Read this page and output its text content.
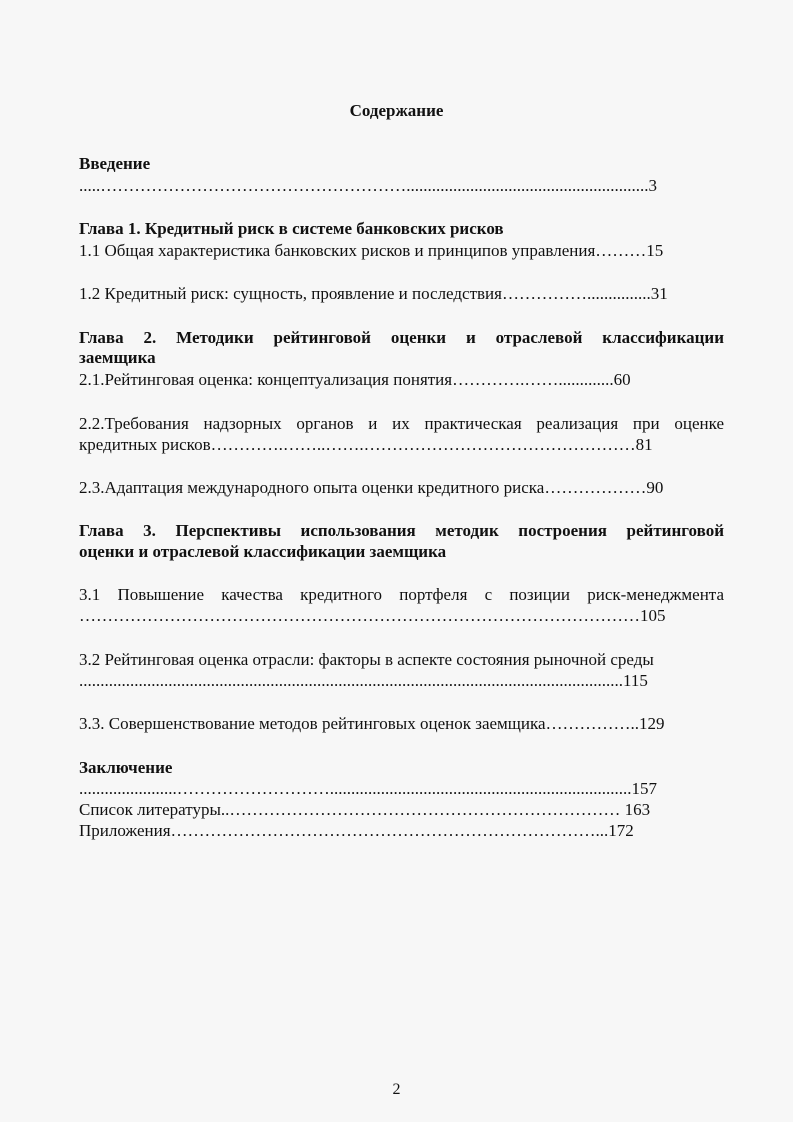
Содержание
Введение
.....……………………………………………….........................................................3
Глава 1. Кредитный риск в системе банковских рисков
1.1 Общая характеристика банковских рисков и принципов управления………15
1.2 Кредитный риск: сущность, проявление и последствия……………...............31
Глава 2. Методики рейтинговой оценки и отраслевой классификации
заемщика
2.1.Рейтинговая оценка: концептуализация понятия………….…….............60
2.2.Требования надзорных органов и их практическая реализация при оценке
кредитных рисков………….……..…….…………………………………………81
2.3.Адаптация международного опыта оценки кредитного риска………………90
Глава 3. Перспективы использования методик построения рейтинговой
оценки и отраслевой классификации заемщика
3.1 Повышение качества кредитного портфеля с позиции риск-менеджмента
………………………………………………………………………………………105
3.2 Рейтинговая оценка отрасли: факторы в аспекте состояния рыночной среды
................................................................................................................................115
3.3. Совершенствование методов рейтинговых оценок заемщика……………..129
Заключение
.......................……………………….......................................................................157
Список литературы..…………………………………………………………… 163
Приложения…………………………………………………………………...172
2
